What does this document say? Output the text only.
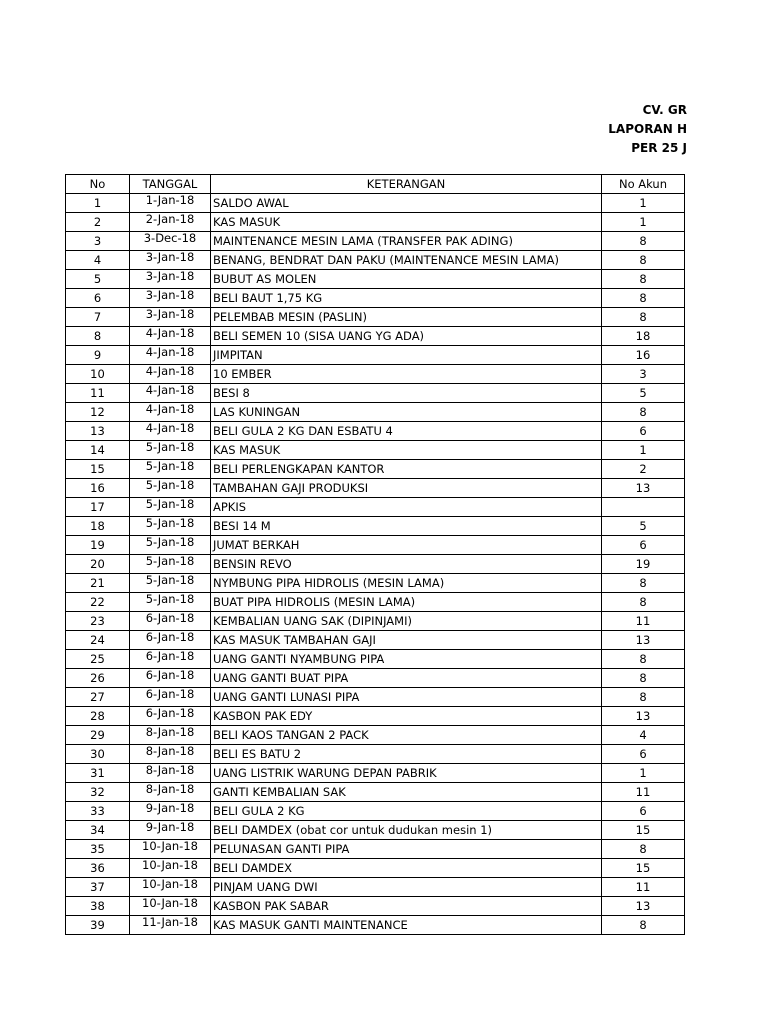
CV. GR
LAPORAN H
PER 25 J
No	TANGGAL	KETERANGAN	No Akun
1	1-Jan-18	SALDO AWAL	1
2	2-Jan-18	KAS MASUK	1
3	3-Dec-18	MAINTENANCE MESIN LAMA (TRANSFER PAK ADING)	8
4	3-Jan-18	BENANG, BENDRAT DAN PAKU (MAINTENANCE MESIN LAMA)	8
5	3-Jan-18	BUBUT AS MOLEN	8
6	3-Jan-18	BELI BAUT 1,75 KG	8
7	3-Jan-18	PELEMBAB MESIN (PASLIN)	8
8	4-Jan-18	BELI SEMEN 10 (SISA UANG YG ADA)	18
9	4-Jan-18	JIMPITAN	16
10	4-Jan-18	10 EMBER	3
11	4-Jan-18	BESI 8	5
12	4-Jan-18	LAS KUNINGAN	8
13	4-Jan-18	BELI GULA 2 KG DAN ESBATU 4	6
14	5-Jan-18	KAS MASUK	1
15	5-Jan-18	BELI PERLENGKAPAN KANTOR	2
16	5-Jan-18	TAMBAHAN GAJI PRODUKSI	13
17	5-Jan-18	APKIS	
18	5-Jan-18	BESI 14 M	5
19	5-Jan-18	JUMAT BERKAH	6
20	5-Jan-18	BENSIN REVO	19
21	5-Jan-18	NYMBUNG PIPA HIDROLIS (MESIN LAMA)	8
22	5-Jan-18	BUAT PIPA HIDROLIS (MESIN LAMA)	8
23	6-Jan-18	KEMBALIAN UANG SAK (DIPINJAMI)	11
24	6-Jan-18	KAS MASUK TAMBAHAN GAJI	13
25	6-Jan-18	UANG GANTI NYAMBUNG PIPA	8
26	6-Jan-18	UANG GANTI BUAT PIPA	8
27	6-Jan-18	UANG GANTI LUNASI PIPA	8
28	6-Jan-18	KASBON PAK EDY	13
29	8-Jan-18	BELI KAOS TANGAN 2 PACK	4
30	8-Jan-18	BELI ES BATU 2	6
31	8-Jan-18	UANG LISTRIK WARUNG DEPAN PABRIK	1
32	8-Jan-18	GANTI KEMBALIAN SAK	11
33	9-Jan-18	BELI GULA 2 KG	6
34	9-Jan-18	BELI DAMDEX (obat cor untuk dudukan mesin 1)	15
35	10-Jan-18	PELUNASAN GANTI PIPA	8
36	10-Jan-18	BELI DAMDEX	15
37	10-Jan-18	PINJAM UANG DWI	11
38	10-Jan-18	KASBON PAK SABAR	13
39	11-Jan-18	KAS MASUK GANTI MAINTENANCE	8
